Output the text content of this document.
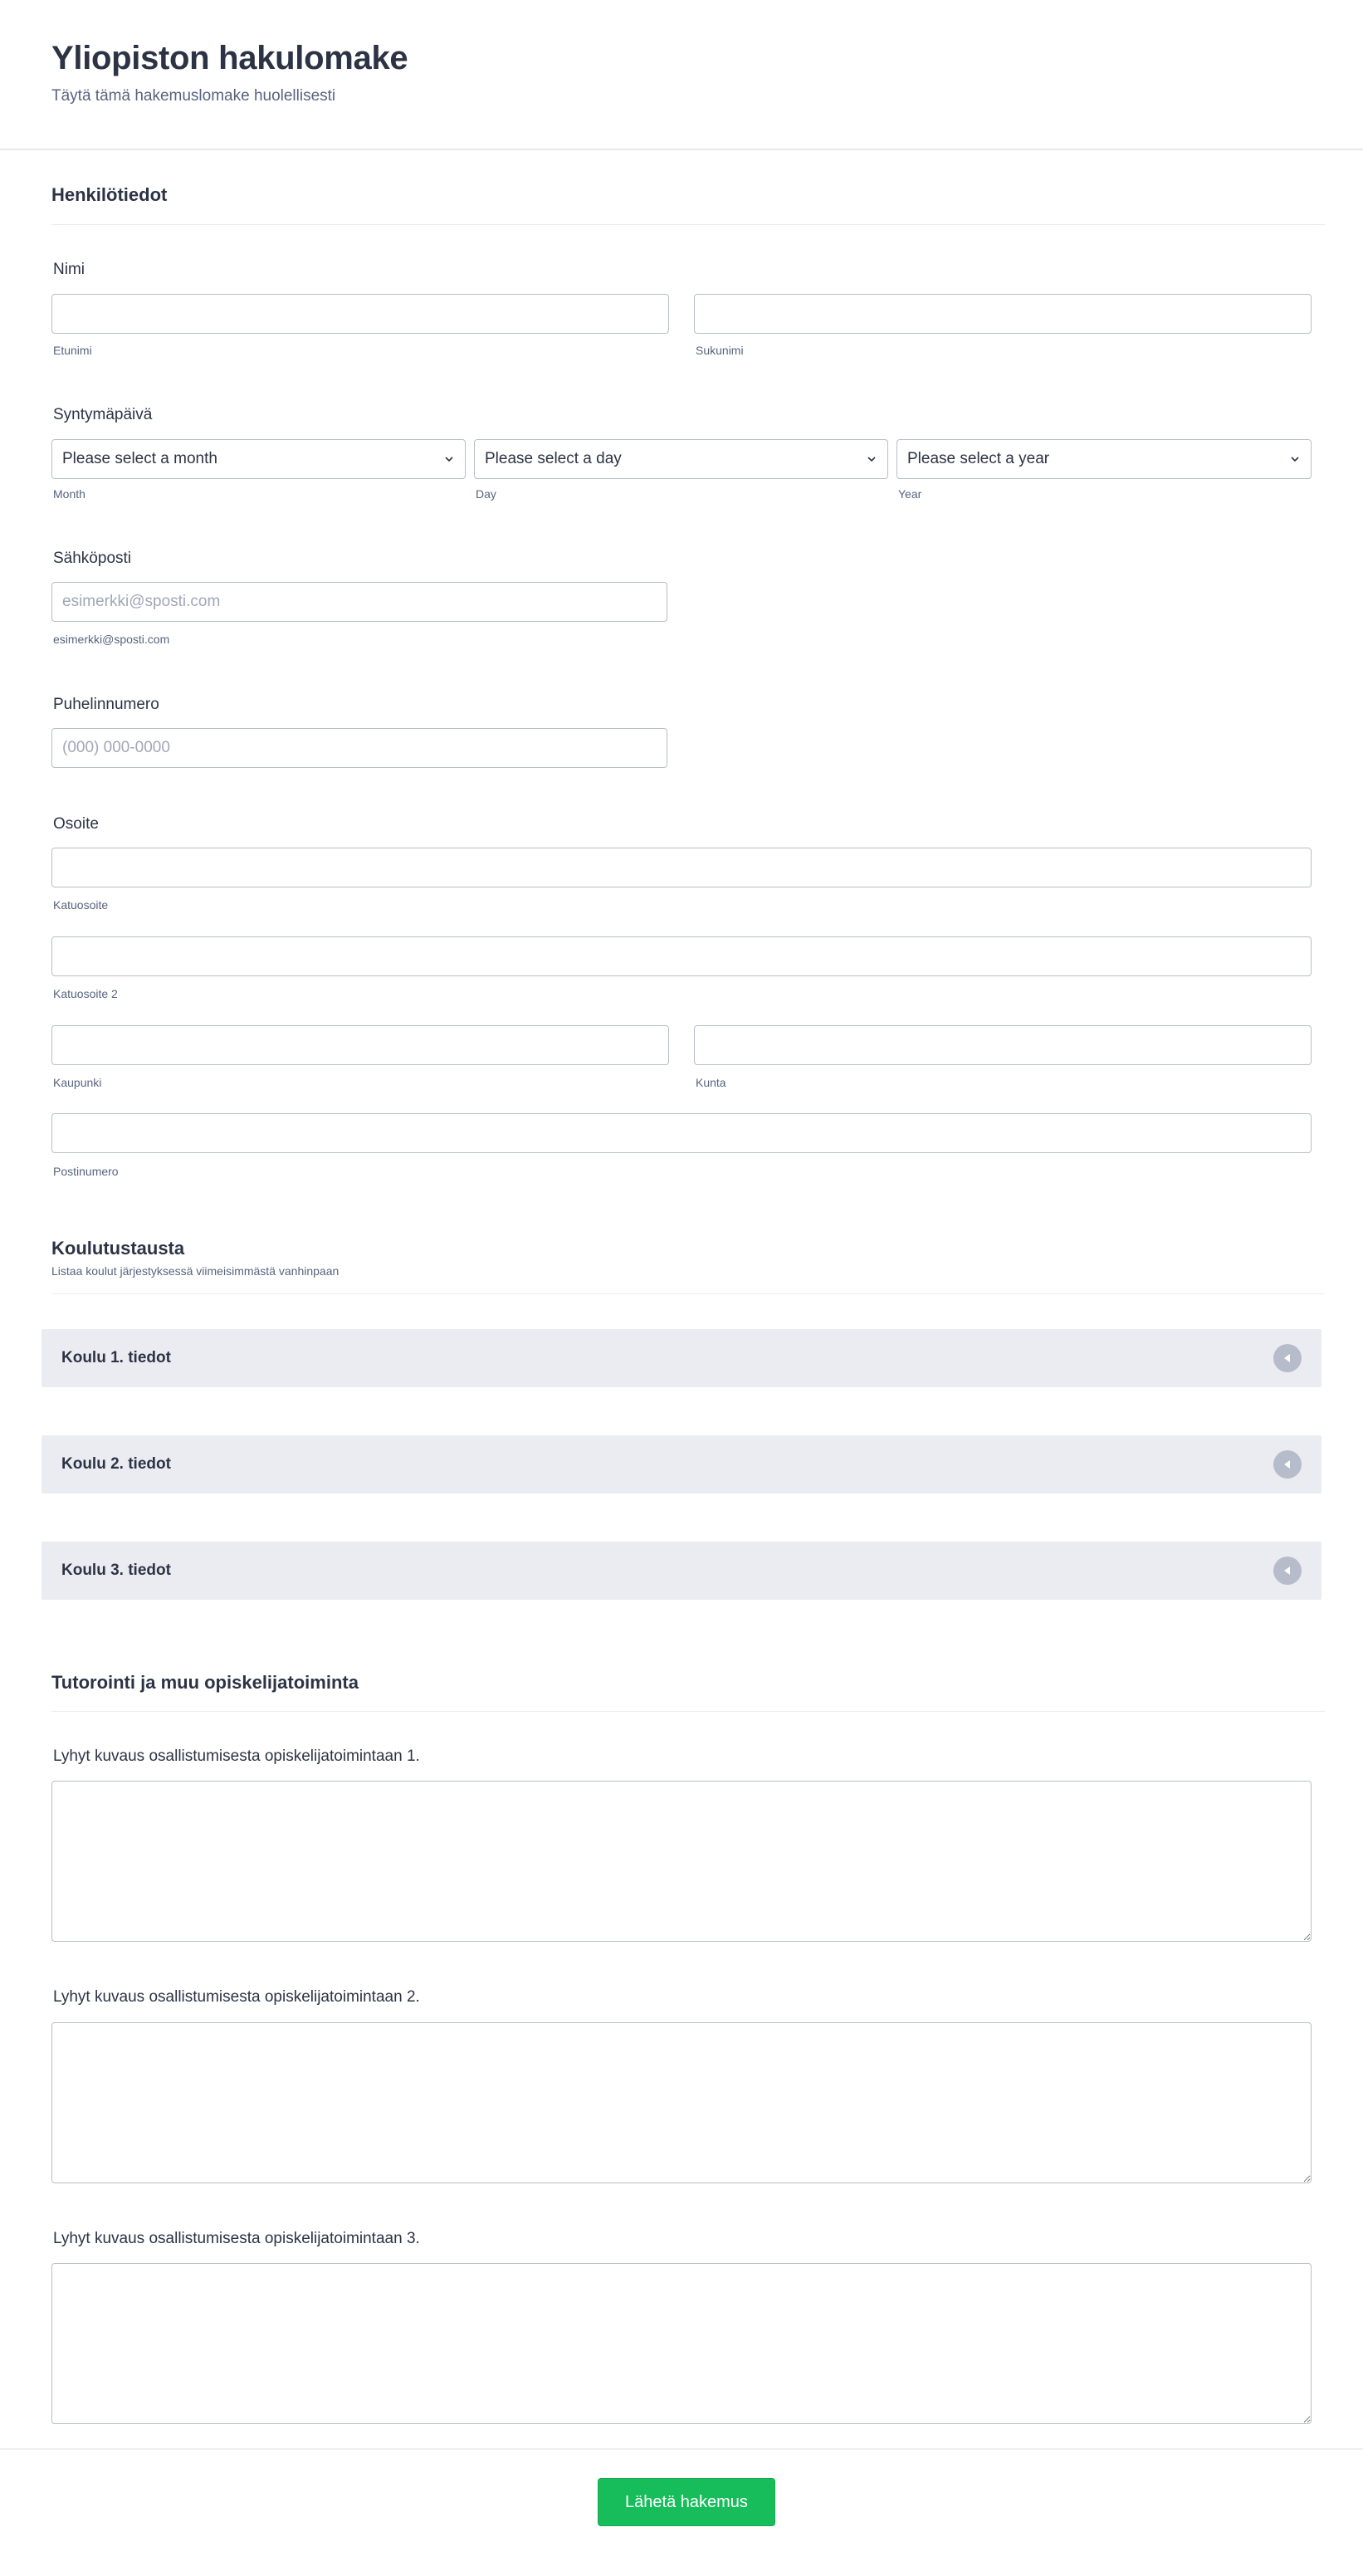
Yliopiston hakulomake
Täytä tämä hakemuslomake huolellisesti
Henkilötiedot
Nimi
Etunimi	Sukunimi
Syntymäpäivä
Please select a month	Please select a day	Please select a year
Month	Day	Year
Sähköposti
esimerkki@sposti.com
esimerkki@sposti.com
Puhelinnumero
(000) 000-0000
Osoite
Katuosoite
Katuosoite 2
Kaupunki	Kunta
Postinumero
Koulutustausta
Listaa koulut järjestyksessä viimeisimmästä vanhinpaan
Koulu 1. tiedot
Koulu 2. tiedot
Koulu 3. tiedot
Tutorointi ja muu opiskelijatoiminta
Lyhyt kuvaus osallistumisesta opiskelijatoimintaan 1.
Lyhyt kuvaus osallistumisesta opiskelijatoimintaan 2.
Lyhyt kuvaus osallistumisesta opiskelijatoimintaan 3.
Lähetä hakemus
